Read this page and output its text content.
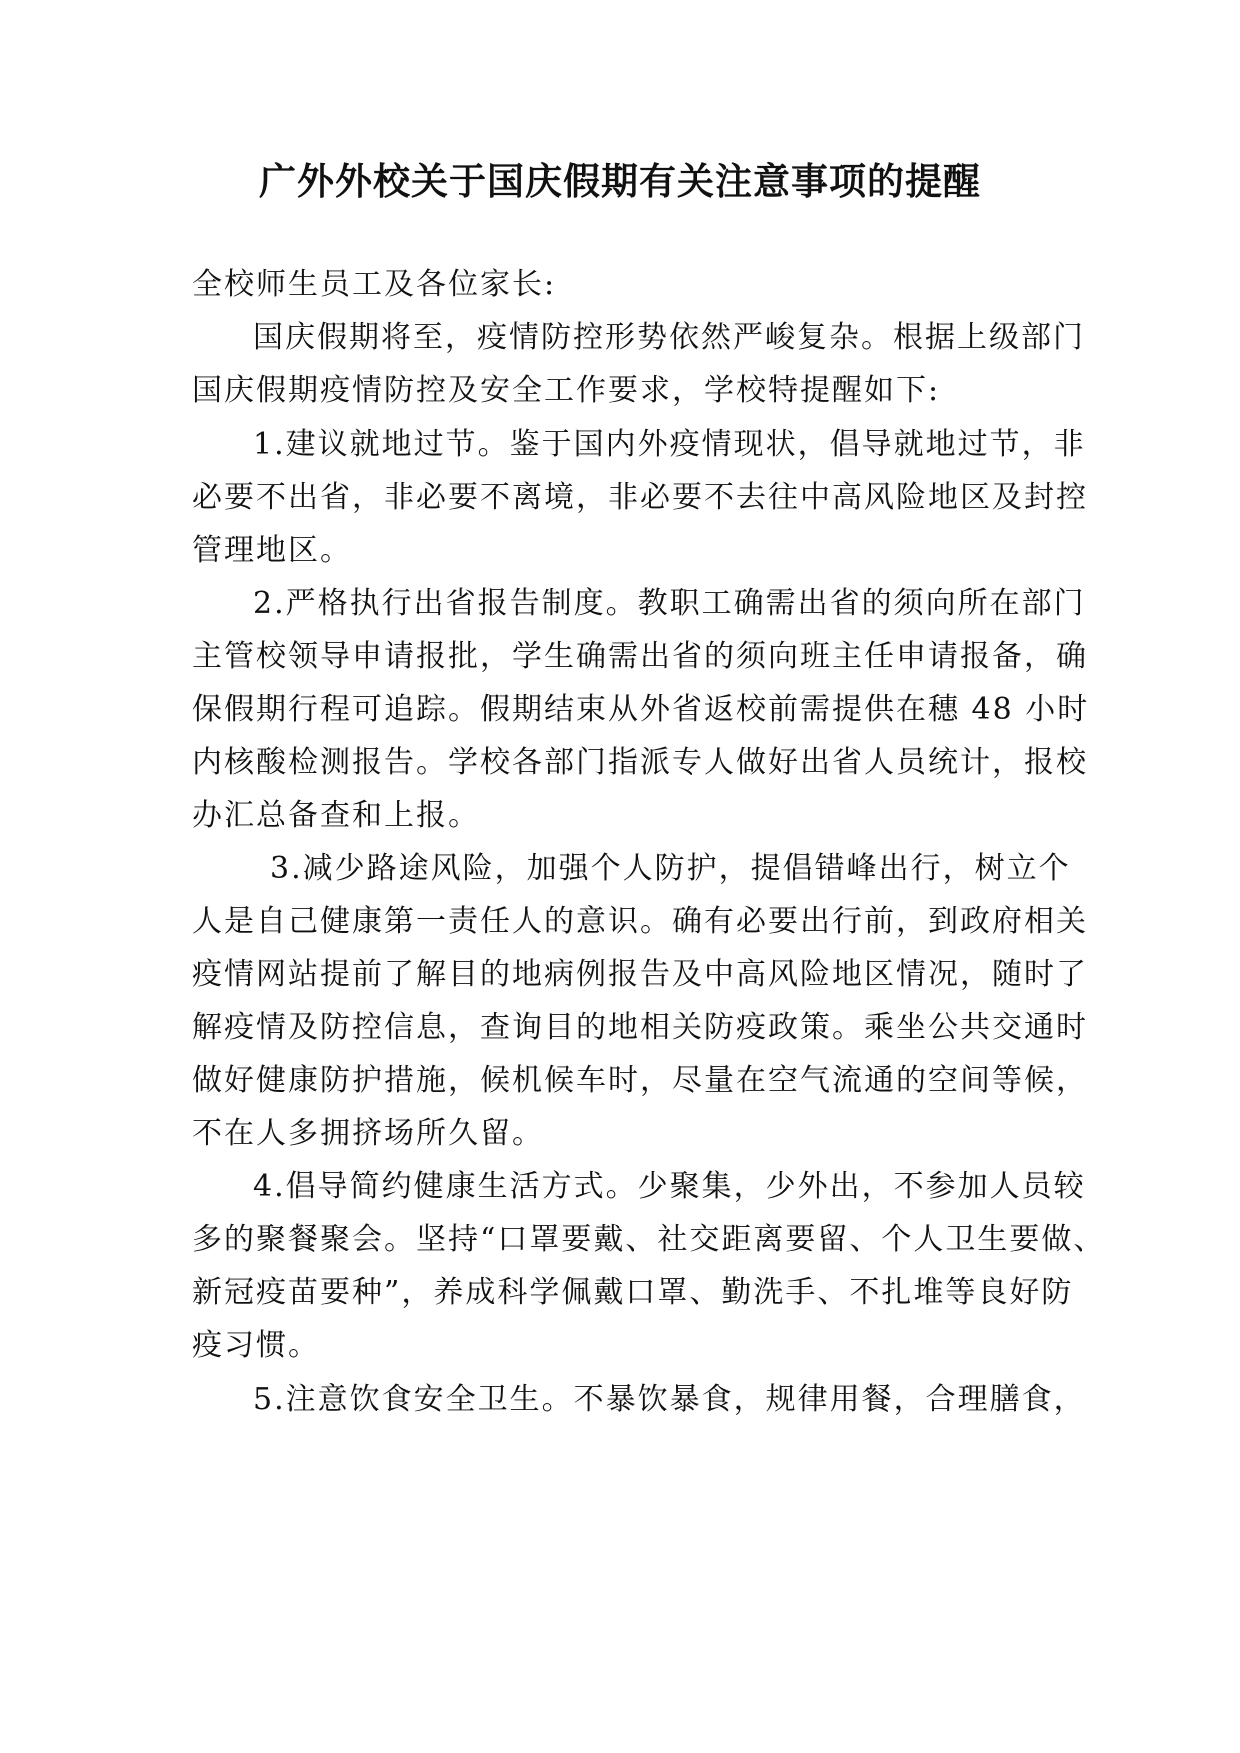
广外外校关于国庆假期有关注意事项的提醒
全校师生员工及各位家长:
国庆假期将至，疫情防控形势依然严峻复杂。根据上级部门
国庆假期疫情防控及安全工作要求，学校特提醒如下:
1.建议就地过节。鉴于国内外疫情现状，倡导就地过节，非
必要不出省，非必要不离境，非必要不去往中高风险地区及封控
管理地区。
2.严格执行出省报告制度。教职工确需出省的须向所在部门
主管校领导申请报批，学生确需出省的须向班主任申请报备，确
保假期行程可追踪。假期结束从外省返校前需提供在穗 48 小时
内核酸检测报告。学校各部门指派专人做好出省人员统计，报校
办汇总备查和上报。
3.减少路途风险，加强个人防护，提倡错峰出行，树立个
人是自己健康第一责任人的意识。确有必要出行前，到政府相关
疫情网站提前了解目的地病例报告及中高风险地区情况，随时了
解疫情及防控信息，查询目的地相关防疫政策。乘坐公共交通时
做好健康防护措施，候机候车时，尽量在空气流通的空间等候，
不在人多拥挤场所久留。
4.倡导简约健康生活方式。少聚集，少外出，不参加人员较
多的聚餐聚会。坚持“口罩要戴、社交距离要留、个人卫生要做、
新冠疫苗要种”，养成科学佩戴口罩、勤洗手、不扎堆等良好防
疫习惯。
5.注意饮食安全卫生。不暴饮暴食，规律用餐，合理膳食，
